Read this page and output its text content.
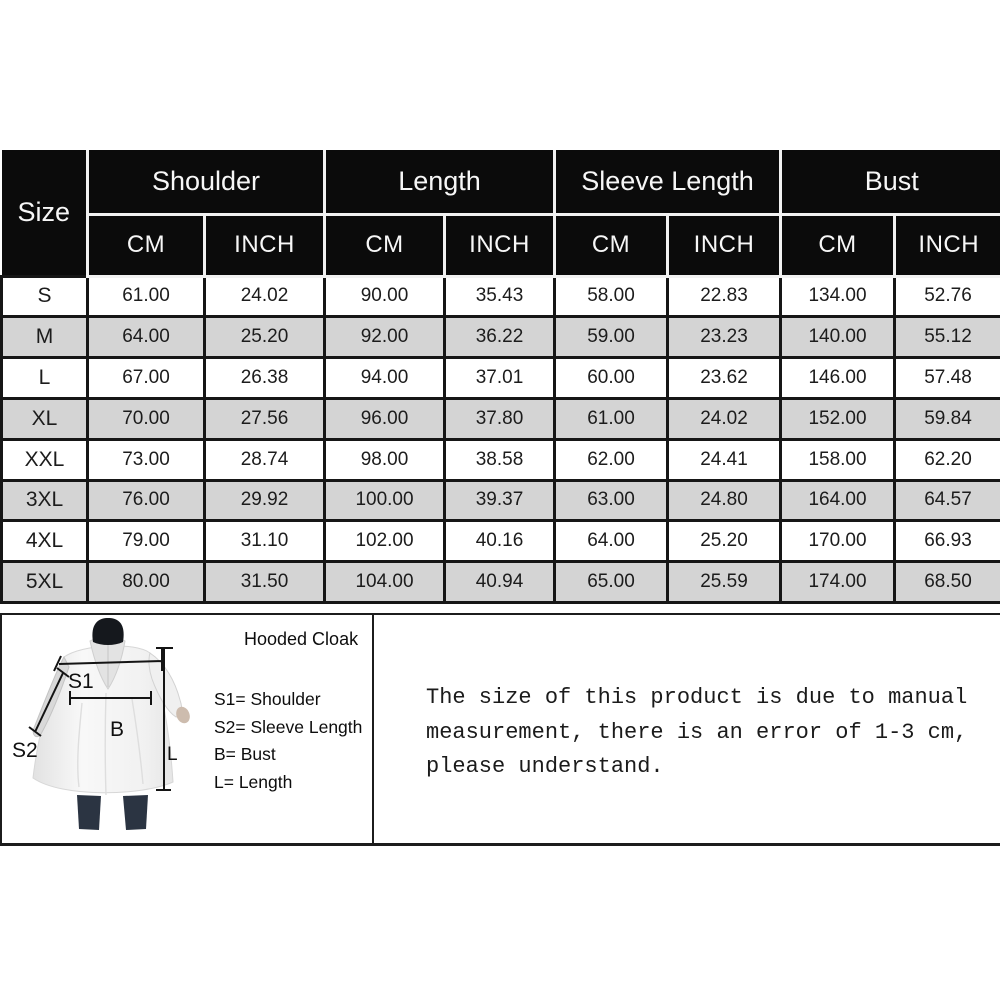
Size	Shoulder		Length		Sleeve Length		Bust	
	CM	INCH	CM	INCH	CM	INCH	CM	INCH
S	61.00	24.02	90.00	35.43	58.00	22.83	134.00	52.76
M	64.00	25.20	92.00	36.22	59.00	23.23	140.00	55.12
L	67.00	26.38	94.00	37.01	60.00	23.62	146.00	57.48
XL	70.00	27.56	96.00	37.80	61.00	24.02	152.00	59.84
XXL	73.00	28.74	98.00	38.58	62.00	24.41	158.00	62.20
3XL	76.00	29.92	100.00	39.37	63.00	24.80	164.00	64.57
4XL	79.00	31.10	102.00	40.16	64.00	25.20	170.00	66.93
5XL	80.00	31.50	104.00	40.94	65.00	25.59	174.00	68.50
S1
S2
B
L
Hooded Cloak
S1= Shoulder
S2= Sleeve Length
B= Bust
L= Length
The size of this product is due to manual
measurement, there is an error of 1-3 cm,
please understand.
